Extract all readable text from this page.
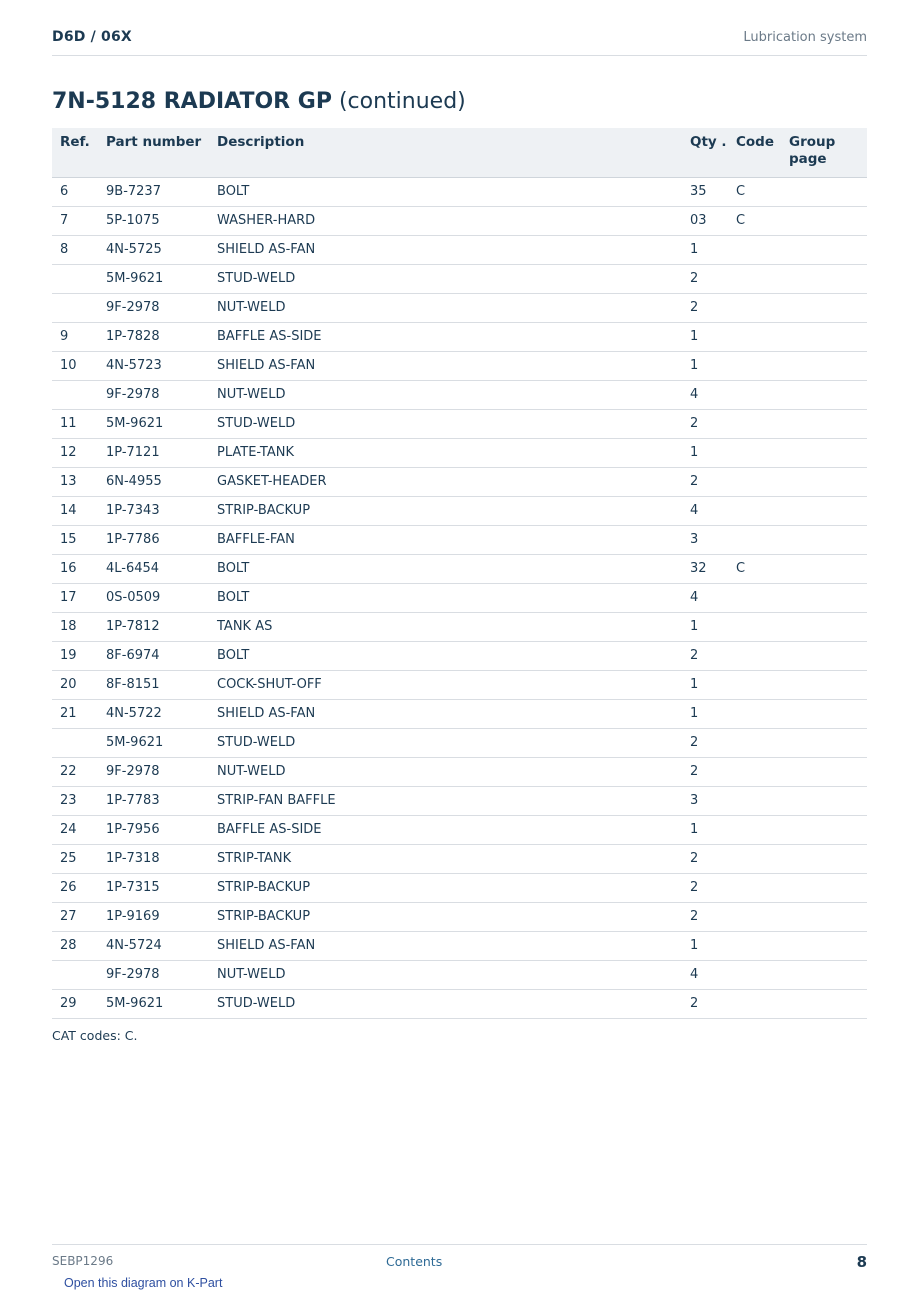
D6D / 06X	Lubrication system
7N-5128 RADIATOR GP (continued)
Ref.	Part number	Description	Qty .	Code	Group page
6	9B-7237	BOLT	35	C	
7	5P-1075	WASHER-HARD	03	C	
8	4N-5725	SHIELD AS-FAN	1		
	5M-9621	STUD-WELD	2		
	9F-2978	NUT-WELD	2		
9	1P-7828	BAFFLE AS-SIDE	1		
10	4N-5723	SHIELD AS-FAN	1		
	9F-2978	NUT-WELD	4		
11	5M-9621	STUD-WELD	2		
12	1P-7121	PLATE-TANK	1		
13	6N-4955	GASKET-HEADER	2		
14	1P-7343	STRIP-BACKUP	4		
15	1P-7786	BAFFLE-FAN	3		
16	4L-6454	BOLT	32	C	
17	0S-0509	BOLT	4		
18	1P-7812	TANK AS	1		
19	8F-6974	BOLT	2		
20	8F-8151	COCK-SHUT-OFF	1		
21	4N-5722	SHIELD AS-FAN	1		
	5M-9621	STUD-WELD	2		
22	9F-2978	NUT-WELD	2		
23	1P-7783	STRIP-FAN BAFFLE	3		
24	1P-7956	BAFFLE AS-SIDE	1		
25	1P-7318	STRIP-TANK	2		
26	1P-7315	STRIP-BACKUP	2		
27	1P-9169	STRIP-BACKUP	2		
28	4N-5724	SHIELD AS-FAN	1		
	9F-2978	NUT-WELD	4		
29	5M-9621	STUD-WELD	2		
CAT codes: C.
SEBP1296	Contents	8
Open this diagram on K-Part
